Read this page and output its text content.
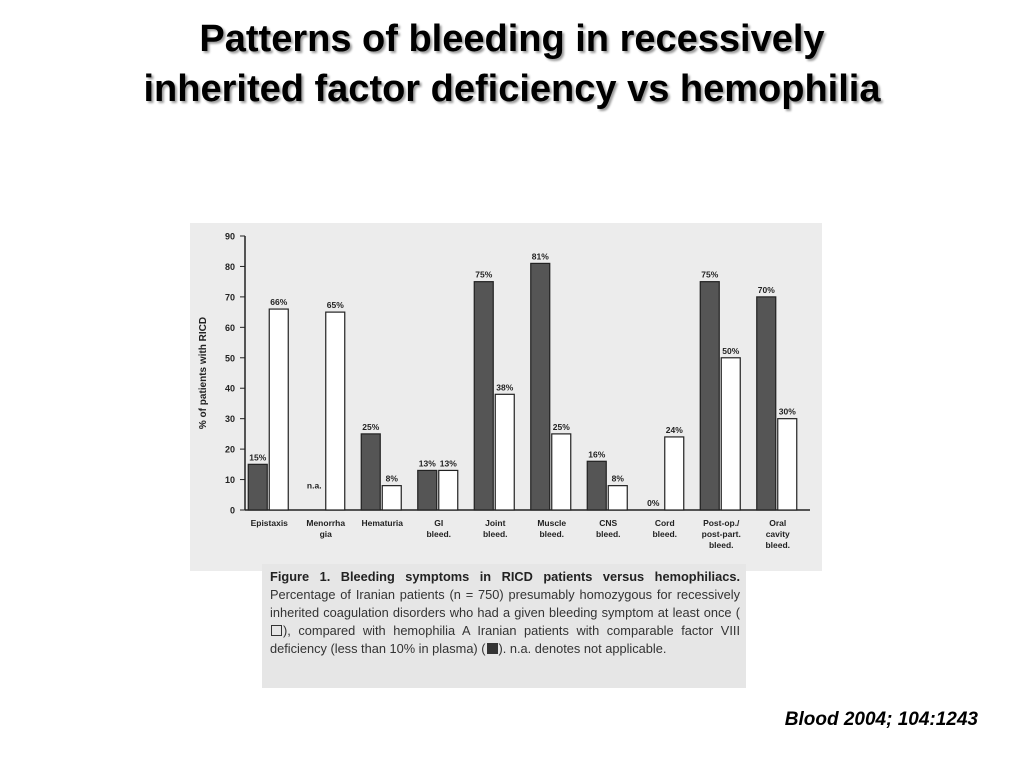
Patterns of bleeding in recessively
inherited factor deficiency vs hemophilia
0
10
20
30
40
50
60
70
80
90
% of patients with RICD
15%
66%
Epistaxis
n.a.
65%
Menorrha
gia
25%
8%
Hematuria
13% 13%
GI
bleed.
75%
38%
Joint
bleed.
81%
25%
Muscle
bleed.
16%
8%
CNS
bleed.
0%
24%
Cord
bleed.
75%
50%
Post-op./
post-part.
bleed.
70%
30%
Oral
cavity
bleed.
Figure 1. Bleeding symptoms in RICD patients versus hemophiliacs. Percentage of Iranian patients (n = 750) presumably homozygous for recessively inherited coagulation disorders who had a given bleeding symptom at least once (), compared with hemophilia A Iranian patients with comparable factor VIII deficiency (less than 10% in plasma) ( ). n.a. denotes not applicable.
Blood 2004; 104:1243
